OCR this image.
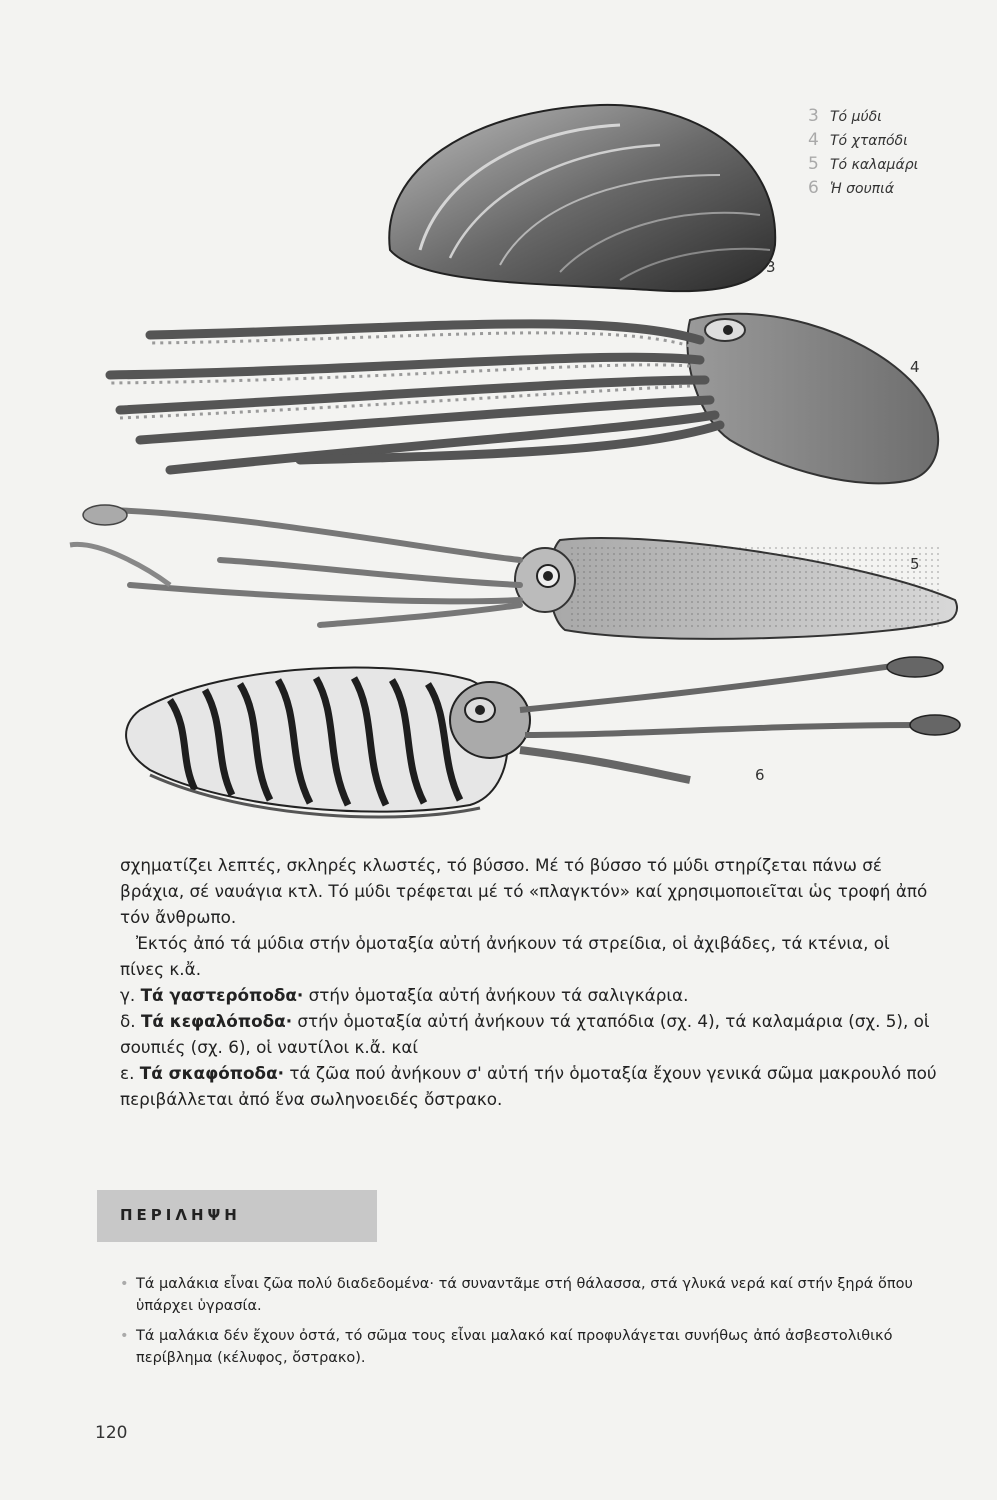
3 Τό μύδι
4 Τό χταπόδι
5 Τό καλαμάρι
6 Ἡ σουπιά
3
4
5
6

σχηματίζει λεπτές, σκληρές κλωστές, τό βύσσο. Μέ τό βύσσο τό μύδι στηρίζεται πάνω σέ βράχια, σέ ναυάγια κτλ. Τό μύδι τρέφεται μέ τό «πλαγκτόν» καί χρησιμοποιεῖται ὡς τροφή ἀπό τόν ἄνθρωπο.

Ἐκτός ἀπό τά μύδια στήν ὁμοταξία αὐτή ἀνήκουν τά στρείδια, οἱ ἀχιβάδες, τά κτένια, οἱ πίνες κ.ἄ.

γ. Τά γαστερόποδα· στήν ὁμοταξία αὐτή ἀνήκουν τά σαλιγκάρια.

δ. Τά κεφαλόποδα· στήν ὁμοταξία αὐτή ἀνήκουν τά χταπόδια (σχ. 4), τά καλαμάρια (σχ. 5), οἱ σουπιές (σχ. 6), οἱ ναυτίλοι κ.ἄ. καί

ε. Τά σκαφόποδα· τά ζῶα πού ἀνήκουν σ' αὐτή τήν ὁμοταξία ἔχουν γενικά σῶμα μακρουλό πού περιβάλλεται ἀπό ἕνα σωληνοειδές ὄστρακο.

ΠΕΡΙΛΗΨΗ
• Τά μαλάκια εἶναι ζῶα πολύ διαδεδομένα· τά συναντᾶμε στή θάλασσα, στά γλυκά νερά καί στήν ξηρά ὅπου ὑπάρχει ὑγρασία.
• Τά μαλάκια δέν ἔχουν ὀστά, τό σῶμα τους εἶναι μαλακό καί προφυλάγεται συνήθως ἀπό ἀσβεστολιθικό περίβλημα (κέλυφος, ὄστρακο).
120
